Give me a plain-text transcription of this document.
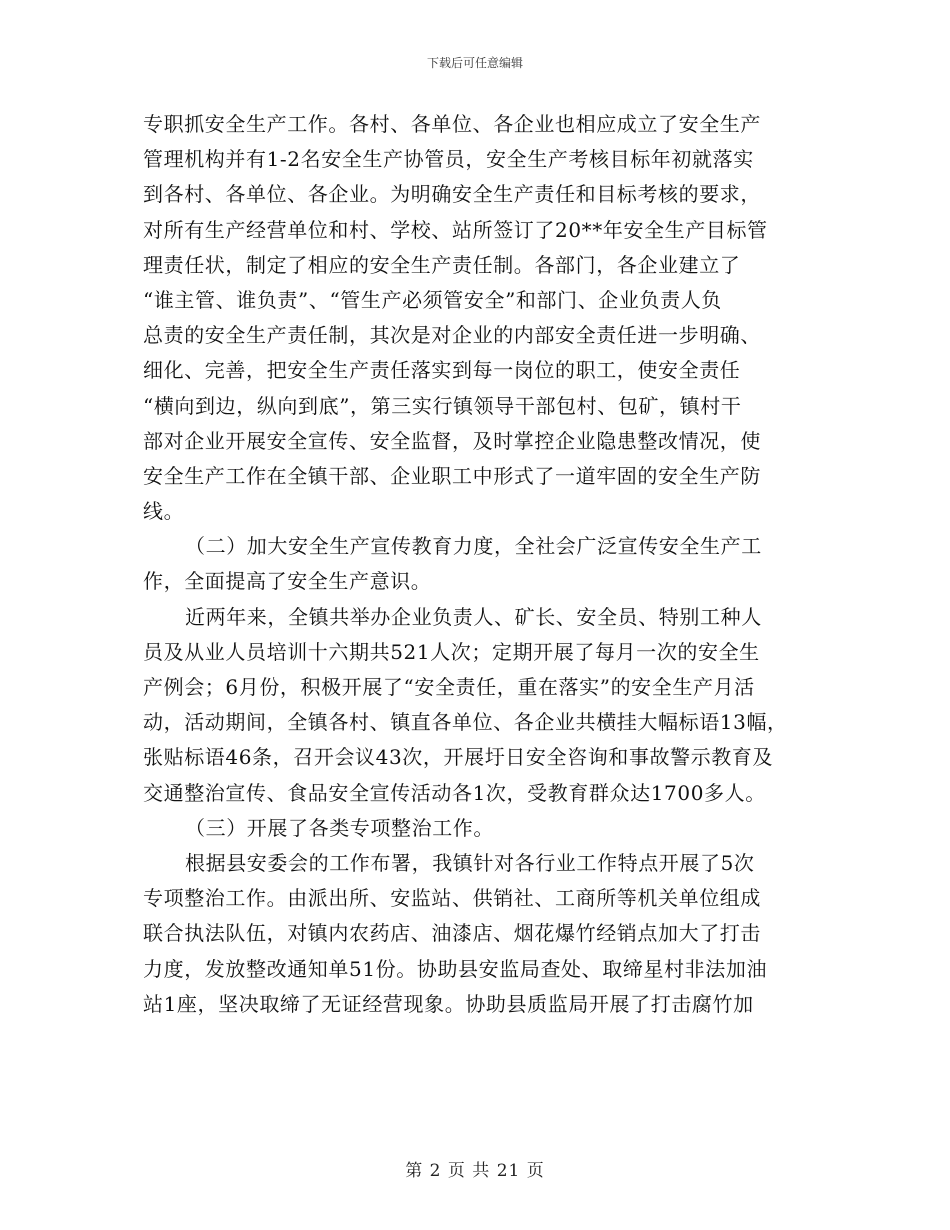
下载后可任意编辑
专职抓安全生产工作。各村、各单位、各企业也相应成立了安全生产
管理机构并有1-2名安全生产协管员，安全生产考核目标年初就落实
到各村、各单位、各企业。为明确安全生产责任和目标考核的要求，
对所有生产经营单位和村、学校、站所签订了20**年安全生产目标管
理责任状，制定了相应的安全生产责任制。各部门，各企业建立了
“谁主管、谁负责”、“管生产必须管安全”和部门、企业负责人负
总责的安全生产责任制，其次是对企业的内部安全责任进一步明确、
细化、完善，把安全生产责任落实到每一岗位的职工，使安全责任
“横向到边，纵向到底”，第三实行镇领导干部包村、包矿，镇村干
部对企业开展安全宣传、安全监督，及时掌控企业隐患整改情况，使
安全生产工作在全镇干部、企业职工中形式了一道牢固的安全生产防
线。
（二）加大安全生产宣传教育力度，全社会广泛宣传安全生产工
作，全面提高了安全生产意识。
近两年来，全镇共举办企业负责人、矿长、安全员、特别工种人
员及从业人员培训十六期共521人次；定期开展了每月一次的安全生
产例会；6月份，积极开展了“安全责任，重在落实”的安全生产月活
动，活动期间，全镇各村、镇直各单位、各企业共横挂大幅标语13幅，
张贴标语46条，召开会议43次，开展圩日安全咨询和事故警示教育及
交通整治宣传、食品安全宣传活动各1次，受教育群众达1700多人。
（三）开展了各类专项整治工作。
根据县安委会的工作布署，我镇针对各行业工作特点开展了5次
专项整治工作。由派出所、安监站、供销社、工商所等机关单位组成
联合执法队伍，对镇内农药店、油漆店、烟花爆竹经销点加大了打击
力度，发放整改通知单51份。协助县安监局查处、取缔星村非法加油
站1座，坚决取缔了无证经营现象。协助县质监局开展了打击腐竹加
第 2 页 共 21 页
